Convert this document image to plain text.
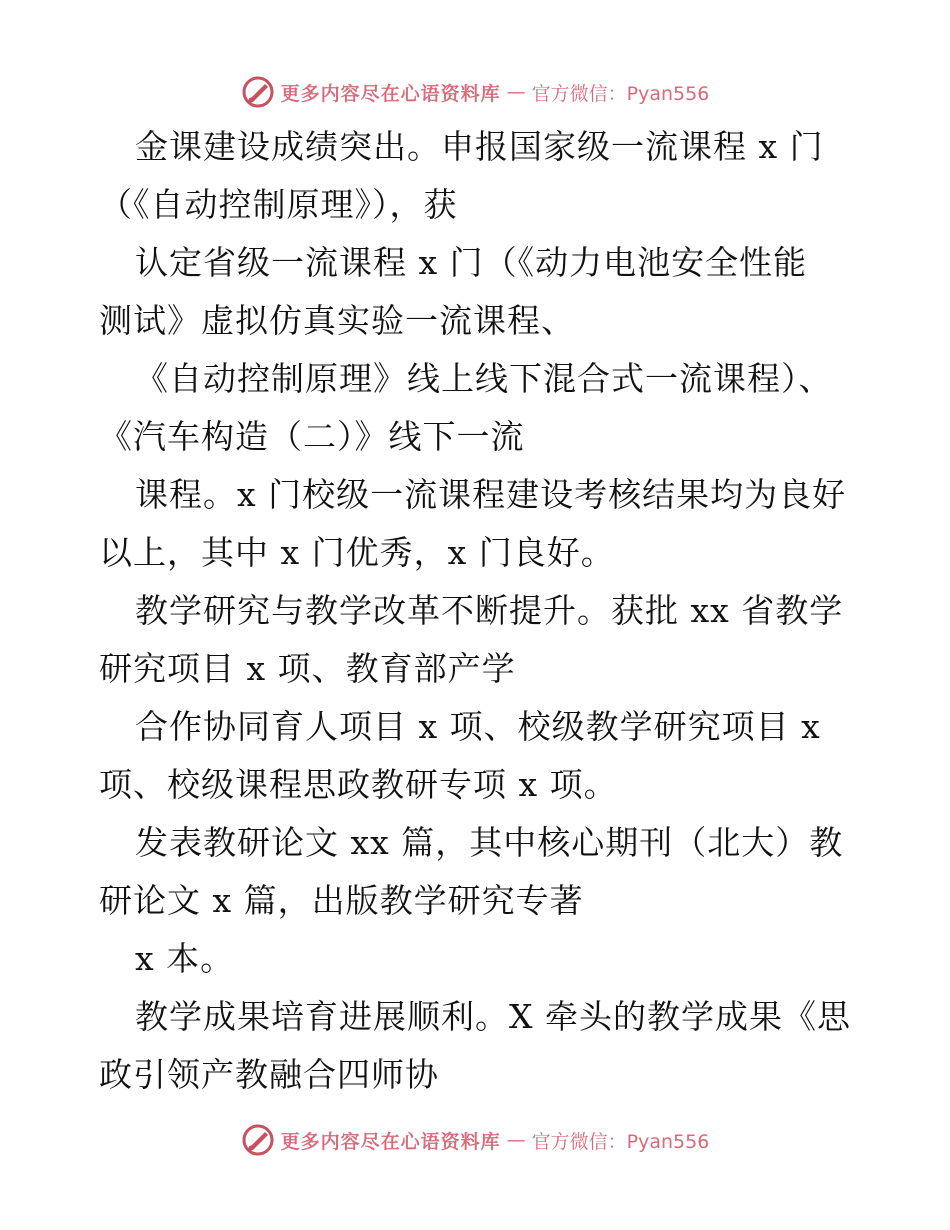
更多内容尽在心语资料库 — 官方微信：Pyan556
金课建设成绩突出。申报国家级一流课程 x 门
（《自动控制原理》），获
认定省级一流课程 x 门（《动力电池安全性能
测试》虚拟仿真实验一流课程、
《自动控制原理》线上线下混合式一流课程）、
《汽车构造（二）》线下一流
课程。x 门校级一流课程建设考核结果均为良好
以上，其中 x 门优秀，x 门良好。
教学研究与教学改革不断提升。获批 xx 省教学
研究项目 x 项、教育部产学
合作协同育人项目 x 项、校级教学研究项目 x
项、校级课程思政教研专项 x 项。
发表教研论文 xx 篇，其中核心期刊（北大）教
研论文 x 篇，出版教学研究专著
x 本。
教学成果培育进展顺利。X 牵头的教学成果《思
政引领产教融合四师协
更多内容尽在心语资料库 — 官方微信：Pyan556
